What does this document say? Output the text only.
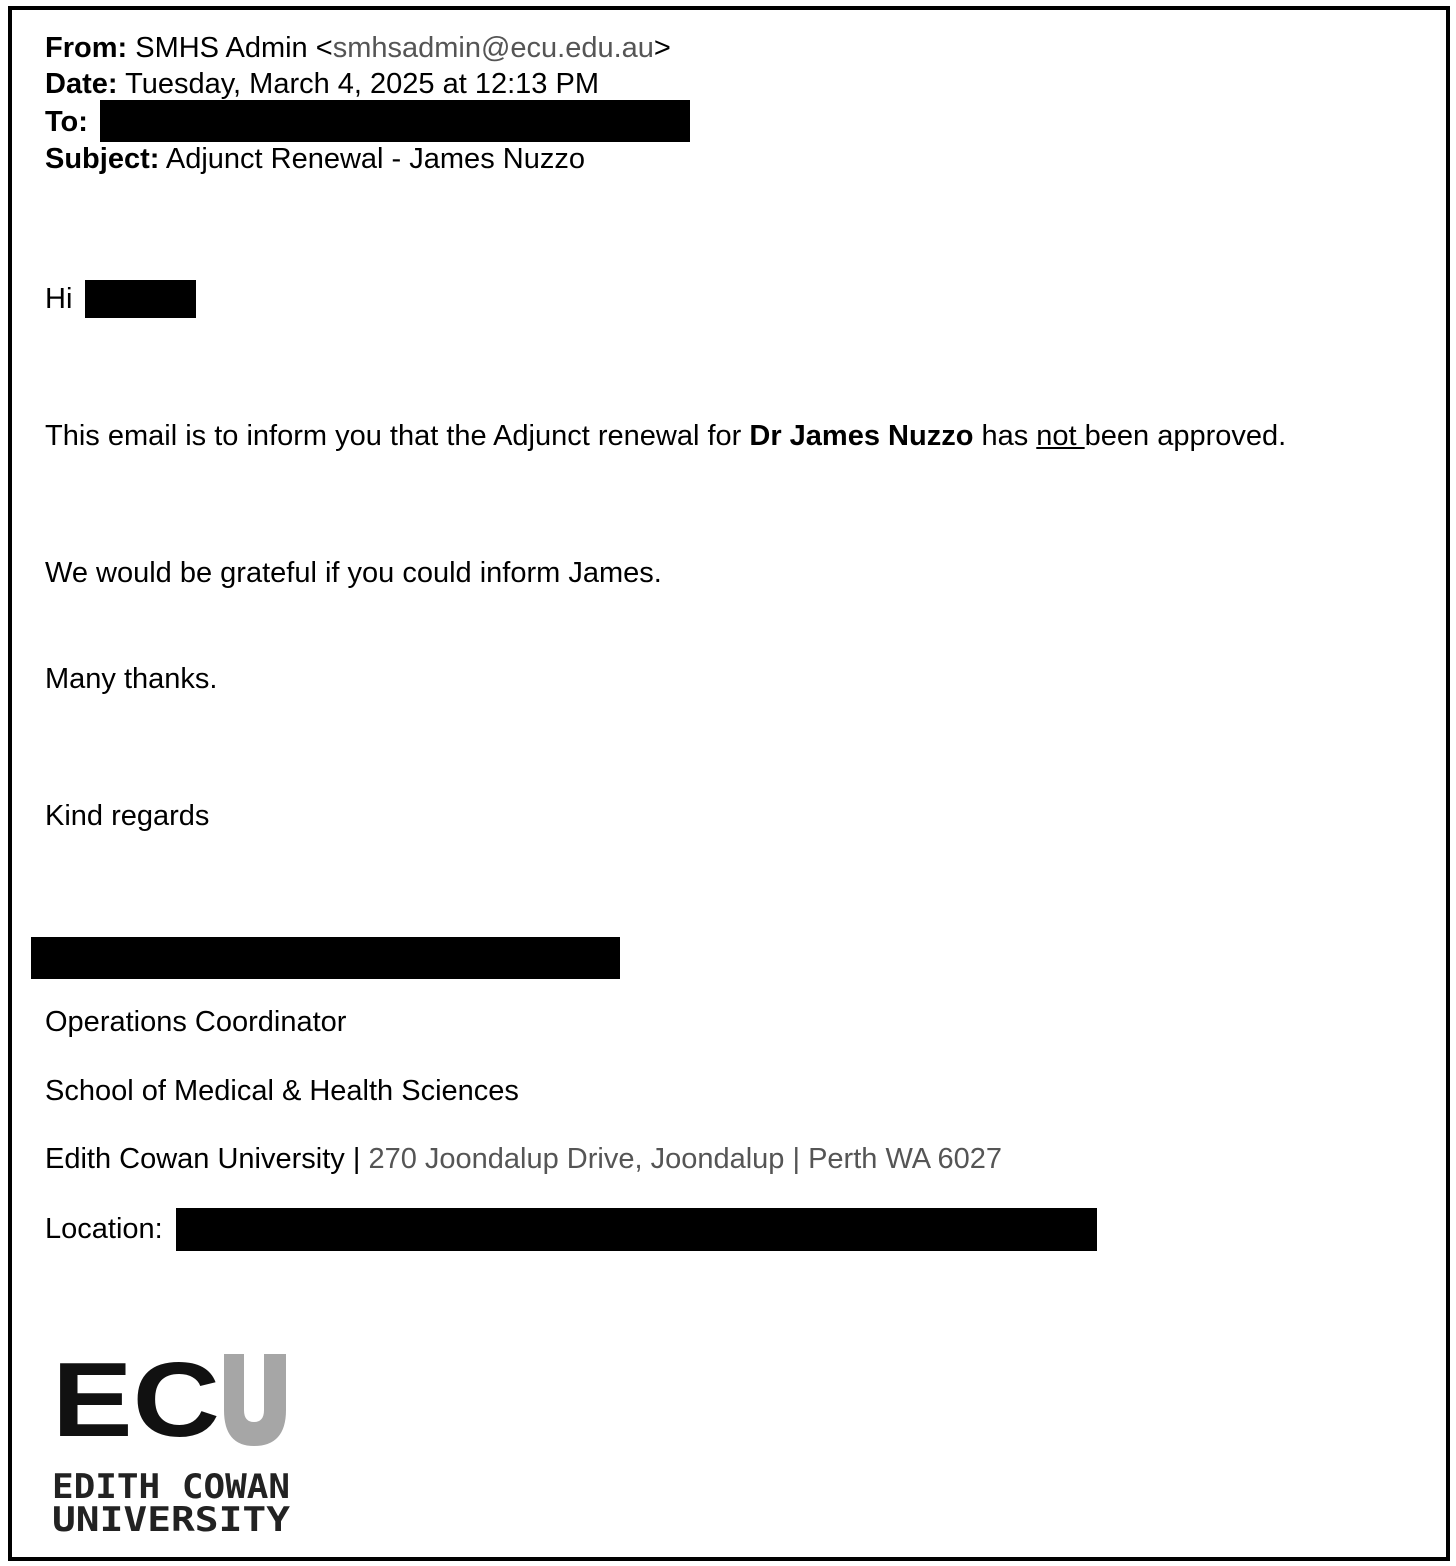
From: SMHS Admin <smhsadmin@ecu.edu.au>
Date: Tuesday, March 4, 2025 at 12:13 PM
To:
Subject: Adjunct Renewal - James Nuzzo
Hi
This email is to inform you that the Adjunct renewal for Dr James Nuzzo has not been approved.
We would be grateful if you could inform James.
Many thanks.
Kind regards
Operations Coordinator
School of Medical & Health Sciences
Edith Cowan University | 270 Joondalup Drive, Joondalup | Perth WA 6027
Location:
EC
EDITH COWAN
UNIVERSITY
